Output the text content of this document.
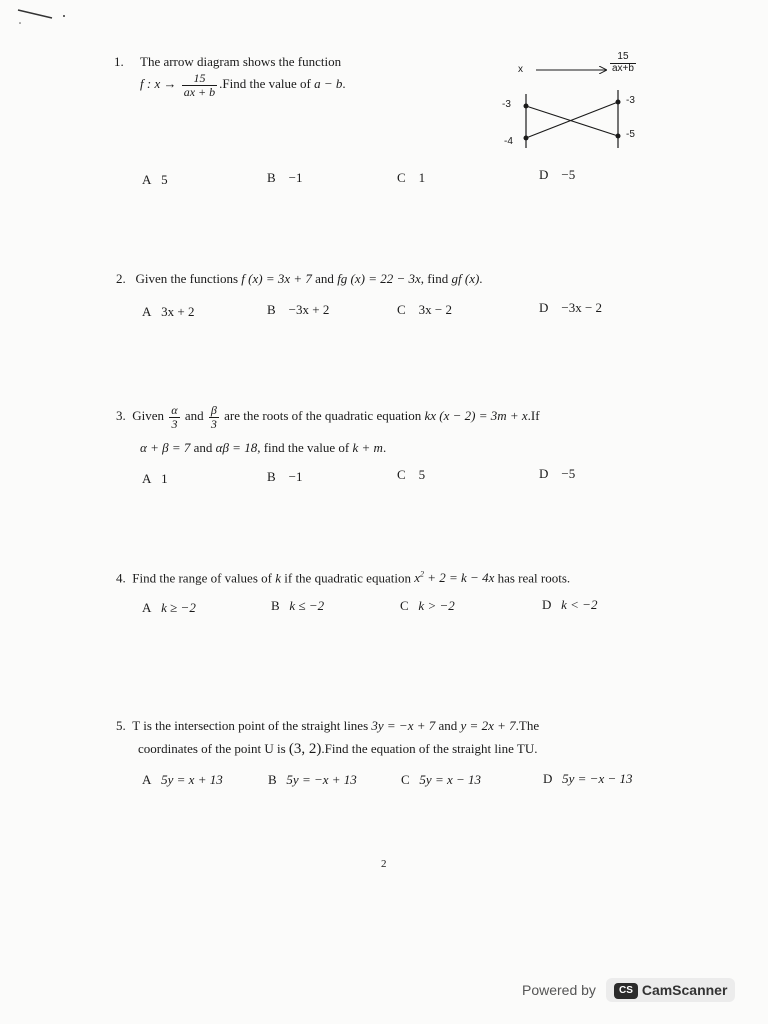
1. The arrow diagram shows the function
f : $x \to \frac{15}{ax + b}$ .Find the value of a − b.
x	$\frac{15}{ax+b}$
-3
-4
-3
-5
A 5	B −1	C 1	D −5
2. Given the functions f (x) = 3x + 7 and fg (x) = 22 − 3x, find gf (x).
A 3x + 2	B −3x + 2	C 3x − 2	D −3x − 2
3. Given $\frac{\alpha}{3}$ and $\frac{\beta}{3}$ are the roots of the quadratic equation kx (x − 2) = 3m + x.If
α + β = 7 and αβ = 18, find the value of k + m.
A 1	B −1	C 5	D −5
4. Find the range of values of k if the quadratic equation $x^2 + 2 = k - 4x$ has real roots.
A k ≥ −2	B k ≤ −2	C k > −2	D k < −2
5. T is the intersection point of the straight lines 3y = −x + 7 and y = 2x + 7.The
coordinates of the point U is (3, 2).Find the equation of the straight line TU.
A 5y = x + 13	B 5y = −x + 13	C 5y = x − 13	D 5y = −x − 13
2
Powered by CS CamScanner
